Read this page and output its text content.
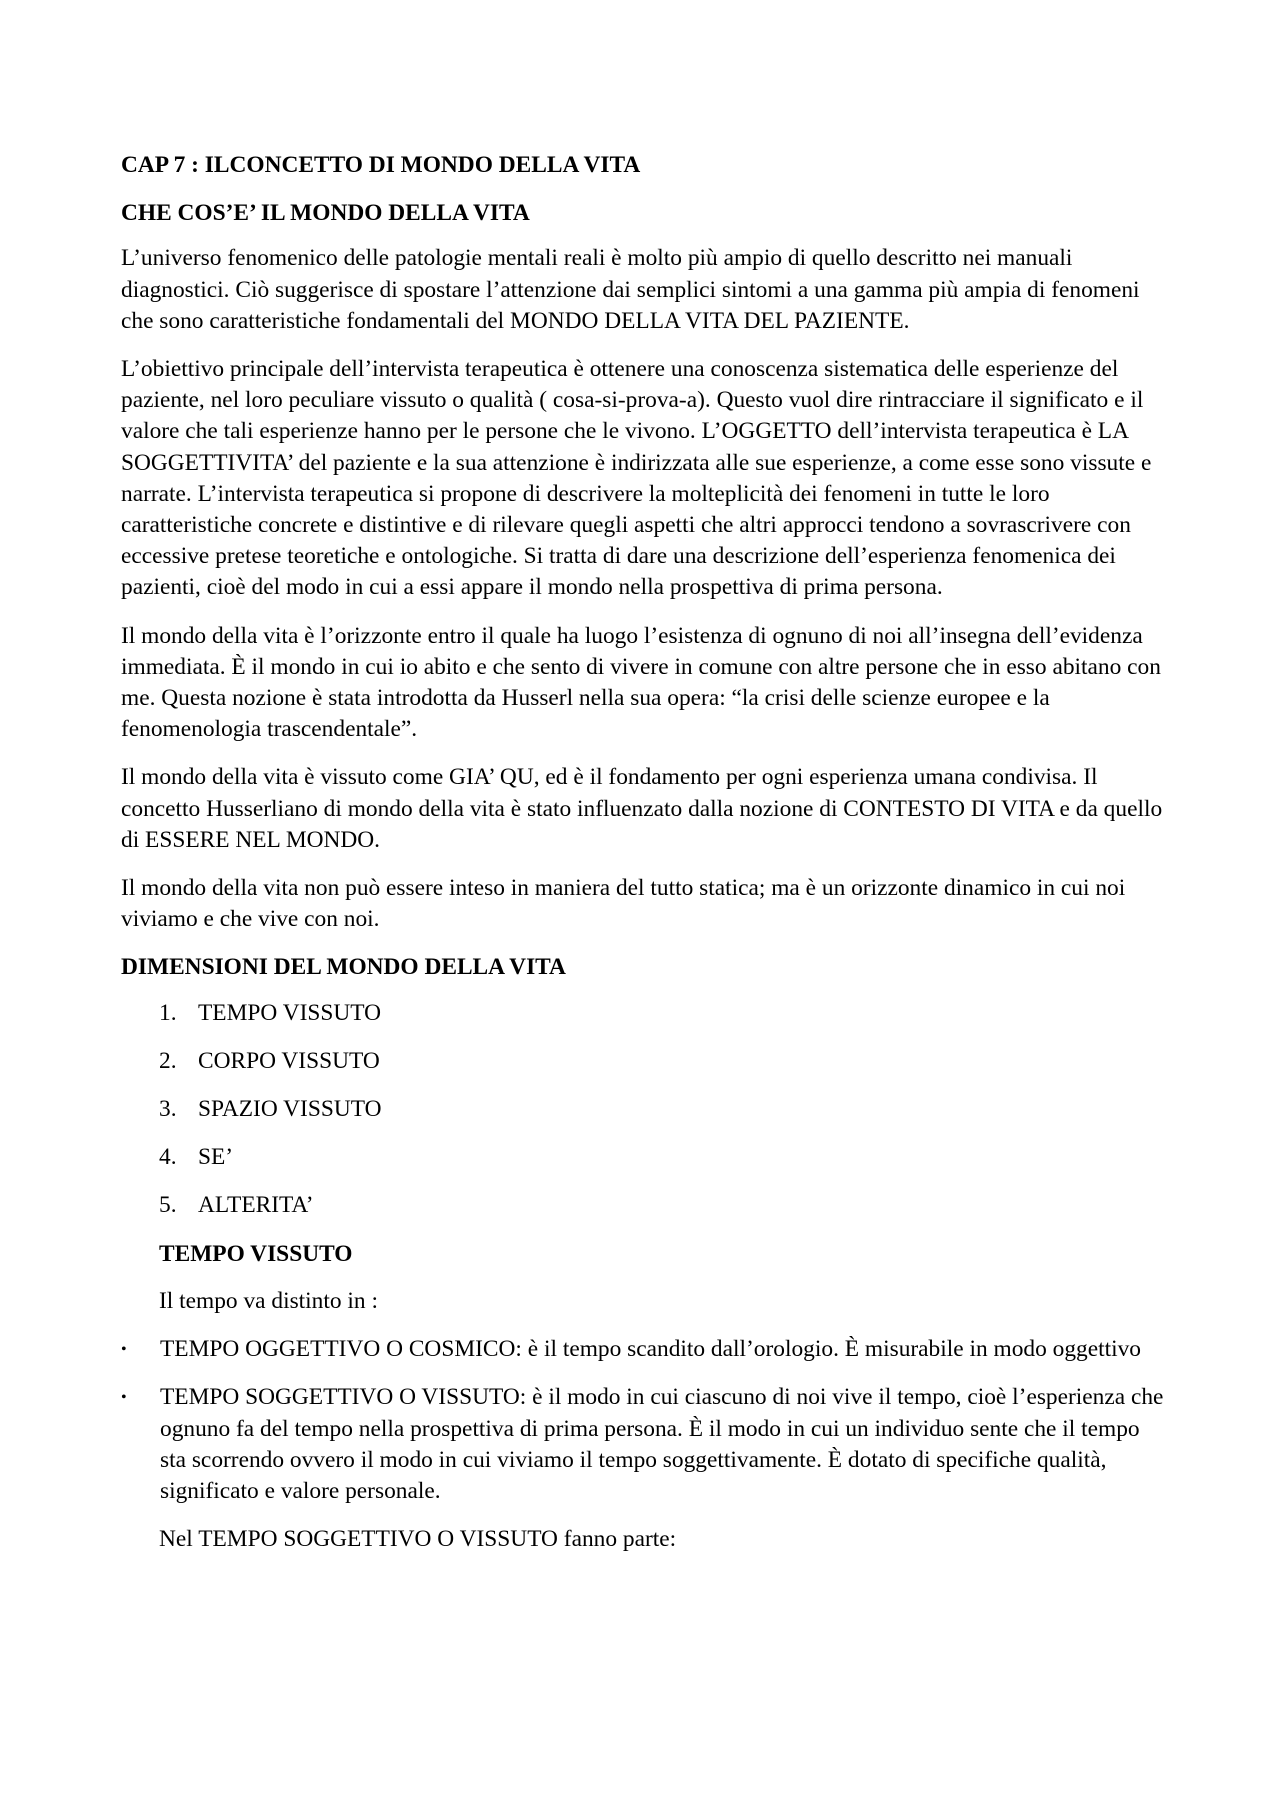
CAP 7 : ILCONCETTO DI MONDO DELLA VITA
CHE COS’E’ IL MONDO DELLA VITA

L’universo fenomenico delle patologie mentali reali è molto più ampio di quello descritto nei manuali diagnostici. Ciò suggerisce di spostare l’attenzione dai semplici sintomi a una gamma più ampia di fenomeni che sono caratteristiche fondamentali del MONDO DELLA VITA DEL PAZIENTE.

L’obiettivo principale dell’intervista terapeutica è ottenere una conoscenza sistematica delle esperienze del paziente, nel loro peculiare vissuto o qualità ( cosa-si-prova-a). Questo vuol dire rintracciare il significato e il valore che tali esperienze hanno per le persone che le vivono. L’OGGETTO dell’intervista terapeutica è LA SOGGETTIVITA’ del paziente e la sua attenzione è indirizzata alle sue esperienze, a come esse sono vissute e narrate. L’intervista terapeutica si propone di descrivere la molteplicità dei fenomeni in tutte le loro caratteristiche concrete e distintive e di rilevare quegli aspetti che altri approcci tendono a sovrascrivere con eccessive pretese teoretiche e ontologiche. Si tratta di dare una descrizione dell’esperienza fenomenica dei pazienti, cioè del modo in cui a essi appare il mondo nella prospettiva di prima persona.

Il mondo della vita è l’orizzonte entro il quale ha luogo l’esistenza di ognuno di noi all’insegna dell’evidenza immediata. È il mondo in cui io abito e che sento di vivere in comune con altre persone che in esso abitano con me. Questa nozione è stata introdotta da Husserl nella sua opera: “la crisi delle scienze europee e la fenomenologia trascendentale”.

Il mondo della vita è vissuto come GIA’ QU, ed è il fondamento per ogni esperienza umana condivisa. Il concetto Husserliano di mondo della vita è stato influenzato dalla nozione di CONTESTO DI VITA e da quello di ESSERE NEL MONDO.

Il mondo della vita non può essere inteso in maniera del tutto statica; ma è un orizzonte dinamico in cui noi viviamo e che vive con noi.

DIMENSIONI DEL MONDO DELLA VITA
1. TEMPO VISSUTO
2. CORPO VISSUTO
3. SPAZIO VISSUTO
4. SE’
5. ALTERITA’
TEMPO VISSUTO

Il tempo va distinto in :

• TEMPO OGGETTIVO O COSMICO: è il tempo scandito dall’orologio. È misurabile in modo oggettivo
• TEMPO SOGGETTIVO O VISSUTO: è il modo in cui ciascuno di noi vive il tempo, cioè l’esperienza che ognuno fa del tempo nella prospettiva di prima persona. È il modo in cui un individuo sente che il tempo sta scorrendo ovvero il modo in cui viviamo il tempo soggettivamente. È dotato di specifiche qualità, significato e valore personale.

Nel TEMPO SOGGETTIVO O VISSUTO fanno parte:
